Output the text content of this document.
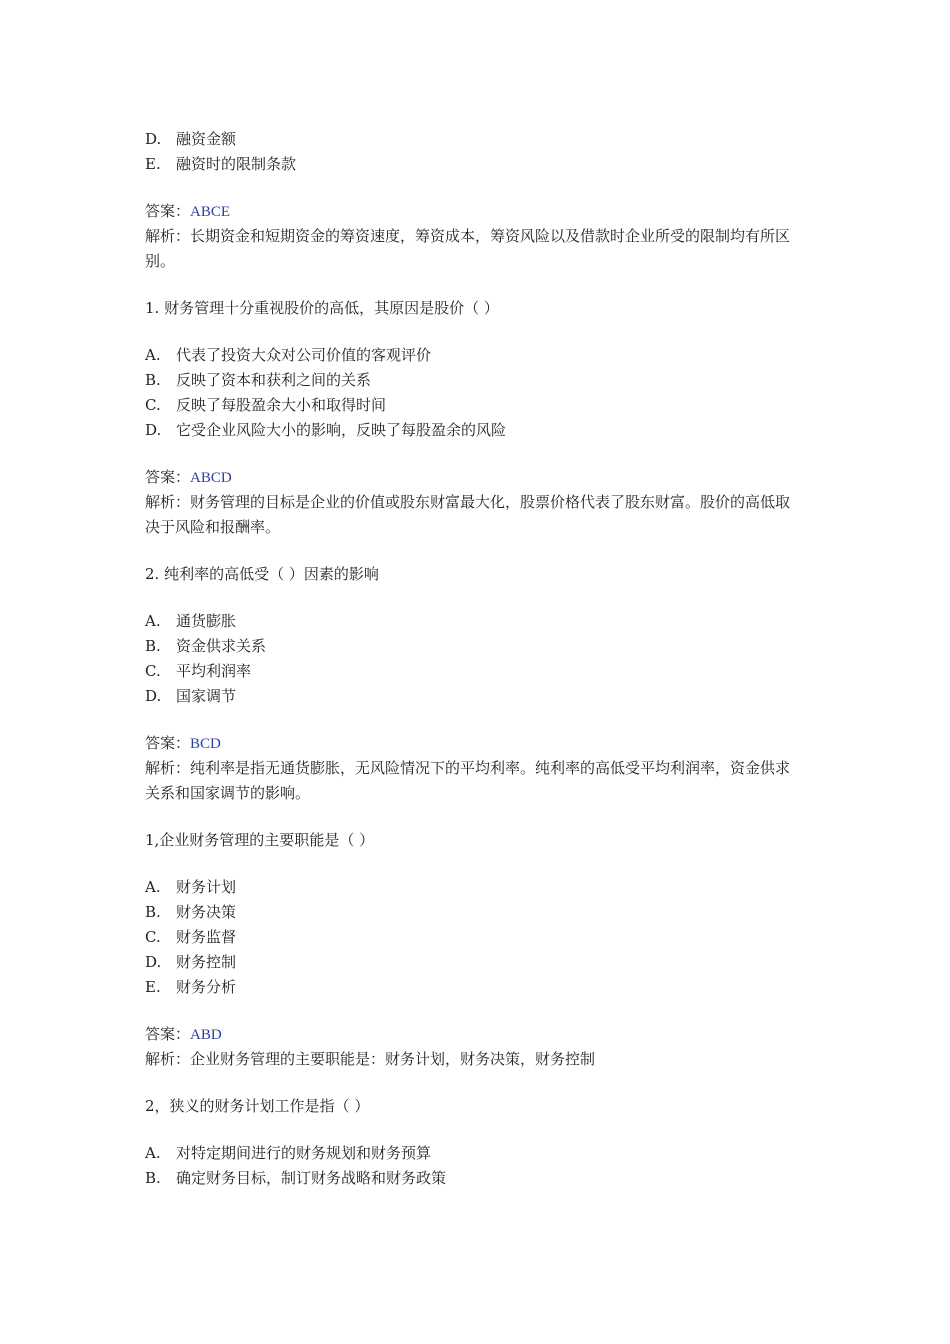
D. 融资金额
E. 融资时的限制条款
答案：ABCE
解析：长期资金和短期资金的筹资速度，筹资成本，筹资风险以及借款时企业所受的限制均有所区别。
1. 财务管理十分重视股价的高低，其原因是股价（ ）
A. 代表了投资大众对公司价值的客观评价
B. 反映了资本和获利之间的关系
C. 反映了每股盈余大小和取得时间
D. 它受企业风险大小的影响，反映了每股盈余的风险
答案：ABCD
解析：财务管理的目标是企业的价值或股东财富最大化，股票价格代表了股东财富。股价的高低取决于风险和报酬率。
2. 纯利率的高低受（ ）因素的影响
A. 通货膨胀
B. 资金供求关系
C. 平均利润率
D. 国家调节
答案：BCD
解析：纯利率是指无通货膨胀，无风险情况下的平均利率。纯利率的高低受平均利润率，资金供求关系和国家调节的影响。
1,企业财务管理的主要职能是（ ）
A. 财务计划
B. 财务决策
C. 财务监督
D. 财务控制
E. 财务分析
答案：ABD
解析：企业财务管理的主要职能是：财务计划，财务决策，财务控制
2，狭义的财务计划工作是指（ ）
A. 对特定期间进行的财务规划和财务预算
B. 确定财务目标，制订财务战略和财务政策
